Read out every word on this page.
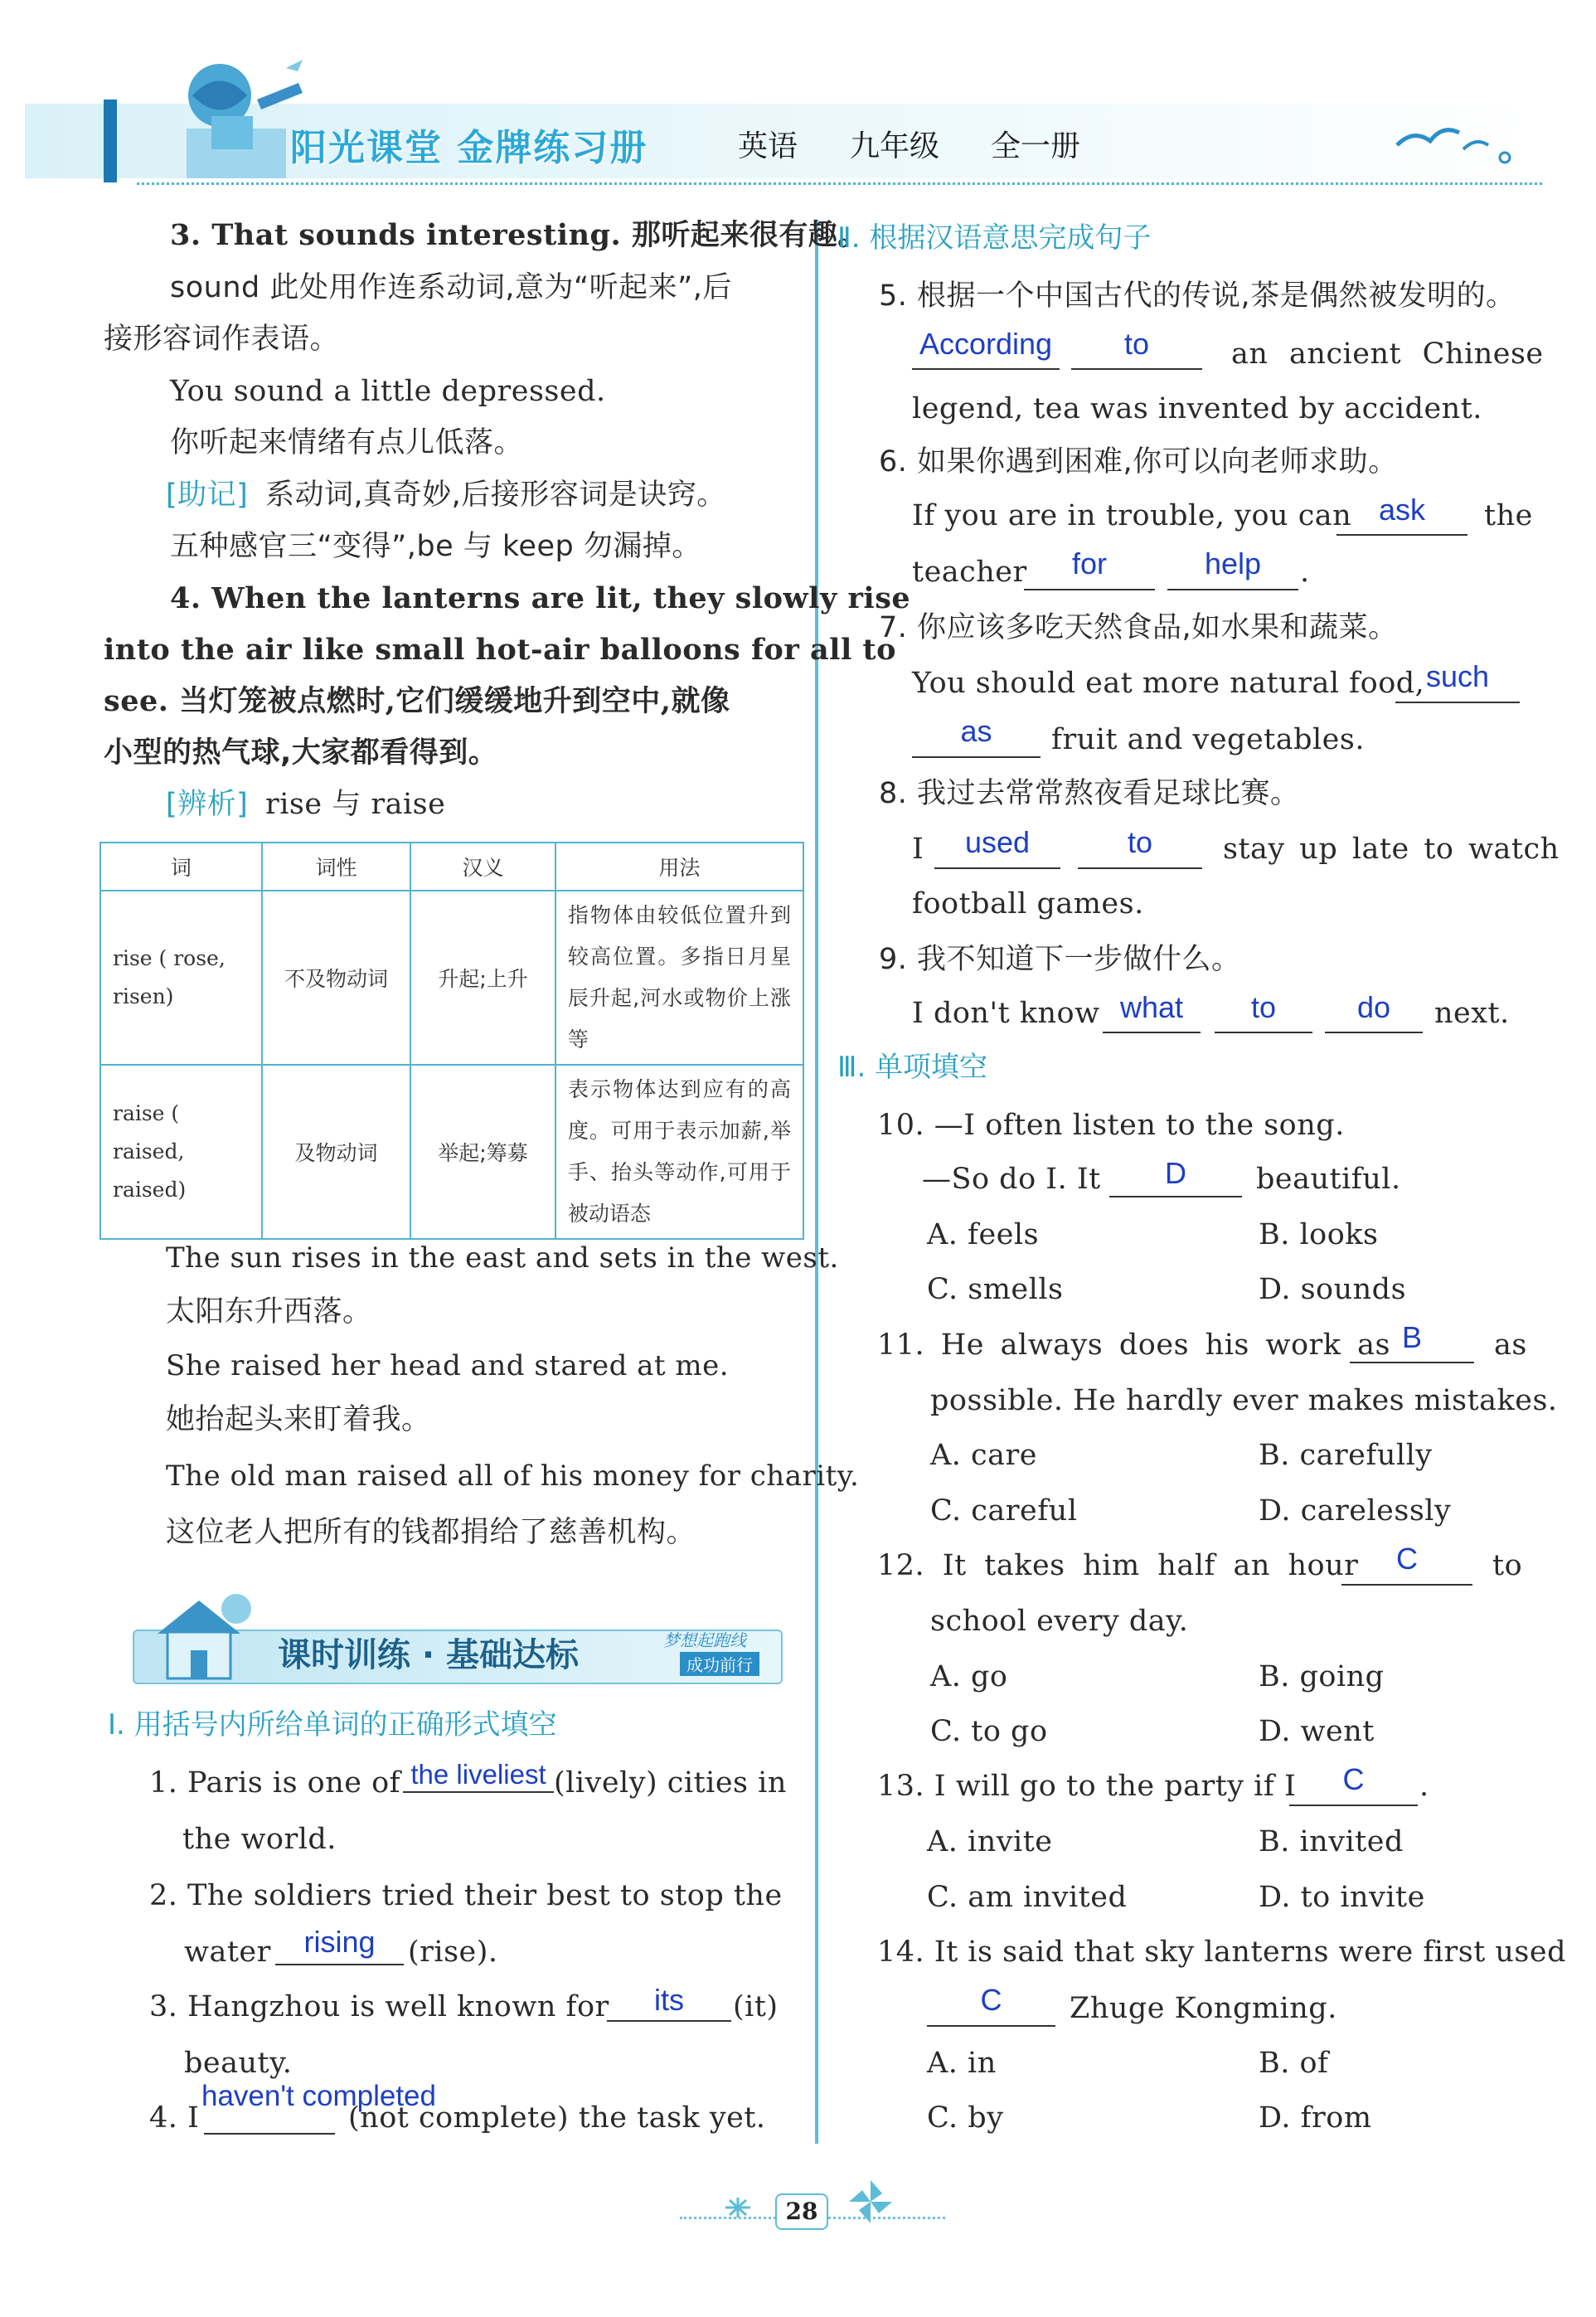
阳光课堂 金牌练习册	英语 九年级 全一册
3. That sounds interesting. 那听起来很有趣。
sound 此处用作连系动词,意为“听起来”,后
接形容词作表语。
You sound a little depressed.
你听起来情绪有点儿低落。
[助记] 系动词,真奇妙,后接形容词是诀窍。
五种感官三“变得”,be 与 keep 勿漏掉。
4. When the lanterns are lit, they slowly rise
into the air like small hot-air balloons for all to
see. 当灯笼被点燃时,它们缓缓地升到空中,就像
小型的热气球,大家都看得到。
[辨析] rise 与 raise
词	词性	汉义	用法
rise ( rose, risen)	不及物动词	升起;上升	指物体由较低位置升到较高位置。多指日月星辰升起,河水或物价上涨等
raise ( raised, raised)	及物动词	举起;筹募	表示物体达到应有的高度。可用于表示加薪,举手、抬头等动作,可用于被动语态
The sun rises in the east and sets in the west.
太阳东升西落。
She raised her head and stared at me.
她抬起头来盯着我。
The old man raised all of his money for charity.
这位老人把所有的钱都捐给了慈善机构。
课时训练 · 基础达标	梦想起跑线
成功前行
Ⅰ. 用括号内所给单词的正确形式填空
1. Paris is one of the liveliest (lively) cities in
the world.
2. The soldiers tried their best to stop the
water	rising	(rise).
3. Hangzhou is well known for	its	(it)
beauty.
4. I
haven't completed
(not complete) the task yet.
Ⅱ. 根据汉语意思完成句子
5. 根据一个中国古代的传说,茶是偶然被发明的。
According	to	an ancient Chinese
legend, tea was invented by accident.
6. 如果你遇到困难,你可以向老师求助。
If you are in trouble, you can ask	the
teacher	for	help	.
7. 你应该多吃天然食品,如水果和蔬菜。
You should eat more natural food, such
as	fruit and vegetables.
8. 我过去常常熬夜看足球比赛。
I	used	to	stay up late to watch
football games.
9. 我不知道下一步做什么。
I don't know what	to	do	next.
Ⅲ. 单项填空
10. —I often listen to the song.
—So do I. It	D	beautiful.
A. feels	B. looks
C. smells	D. sounds
11. He always does his work as B	as
possible. He hardly ever makes mistakes.
A. care	B. carefully
C. careful	D. carelessly
12. It takes him half an hour	C	to
school every day.
A. go	B. going
C. to go	D. went
13. I will go to the party if I	C	.
A. invite	B. invited
C. am invited	D. to invite
14. It is said that sky lanterns were first used
C	Zhuge Kongming.
A. in	B. of
C. by	D. from
28
